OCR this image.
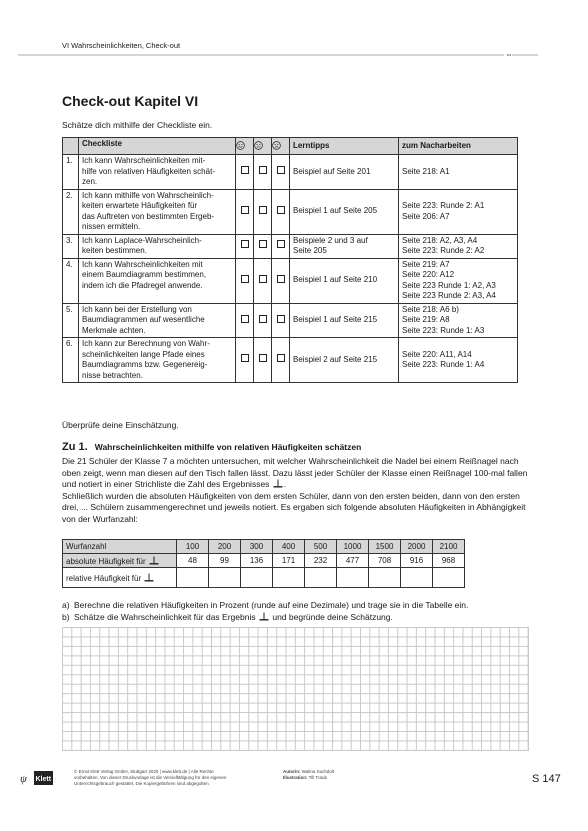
VI Wahrscheinlichkeiten, Check-out
Check-out Kapitel VI
Schätze dich mithilfe der Checkliste ein.
	Checkliste				Lerntipps	zum Nacharbeiten
1.	Ich kann Wahrscheinlichkeiten mit-
hilfe von relativen Häufigkeiten schät-
zen.				Beispiel auf Seite 201	Seite 218: A1

2.	Ich kann mithilfe von Wahrscheinlich-
keiten erwartete Häufigkeiten für
das Auftreten von bestimmten Ergeb-
nissen ermitteln.				Beispiel 1 auf Seite 205	Seite 223: Runde 2: A1
Seite 206: A7

3.	Ich kann Laplace-Wahrscheinlich-
keiten bestimmen.				Beispiele 2 und 3 auf
Seite 205	Seite 218: A2, A3, A4
Seite 223: Runde 2: A2

4.	Ich kann Wahrscheinlichkeiten mit
einem Baumdiagramm bestimmen,
indem ich die Pfadregel anwende.				Beispiel 1 auf Seite 210	Seite 219: A7
Seite 220: A12
Seite 223 Runde 1: A2, A3
Seite 223 Runde 2: A3, A4

5.	Ich kann bei der Erstellung von
Baumdiagrammen auf wesentliche
Merkmale achten.				Beispiel 1 auf Seite 215	Seite 218: A6 b)
Seite 219: A8
Seite 223: Runde 1: A3

6.	Ich kann zur Berechnung von Wahr-
scheinlichkeiten lange Pfade eines
Baumdiagramms bzw. Gegenereig-
nisse betrachten.				Beispiel 2 auf Seite 215	Seite 220: A11, A14
Seite 223: Runde 1: A4
Überprüfe deine Einschätzung.
Zu 1. Wahrscheinlichkeiten mithilfe von relativen Häufigkeiten schätzen
Die 21 Schüler der Klasse 7 a möchten untersuchen, mit welcher Wahrscheinlichkeit die Nadel bei einem Reißnagel nach oben zeigt, wenn man diesen auf den Tisch fallen lässt. Dazu lässt jeder Schüler der Klasse einen Reißnagel 100-mal fallen und notiert in einer Strichliste die Zahl des Ergebnisses .
Schließlich wurden die absoluten Häufigkeiten von dem ersten Schüler, dann von den ersten beiden, dann von den ersten drei, ... Schülern zusammengerechnet und jeweils notiert. Es ergaben sich folgende absoluten Häufigkeiten in Abhängigkeit von der Wurfanzahl:
Wurfanzahl	100	200	300	400	500	1000	1500	2000	2100
absolute Häufigkeit für	48	99	136	171	232	477	708	916	968
relative Häufigkeit für									
a) Berechne die relativen Häufigkeiten in Prozent (runde auf eine Dezimale) und trage sie in die Tabelle ein.
b) Schätze die Wahrscheinlichkeit für das Ergebnis und begründe deine Schätzung.
ψ Klett
© Ernst Klett Verlag GmbH, Stuttgart 2020 | www.klett.de | Alle Rechte
vorbehalten. Von dieser Druckvorlage ist die Vervielfältigung für den eigenen
Unterrichtsgebrauch gestattet. Die Kopiergebühren sind abgegolten.
Autorin: Walina Suchdolt
Illustration: Till Traub	S 147
